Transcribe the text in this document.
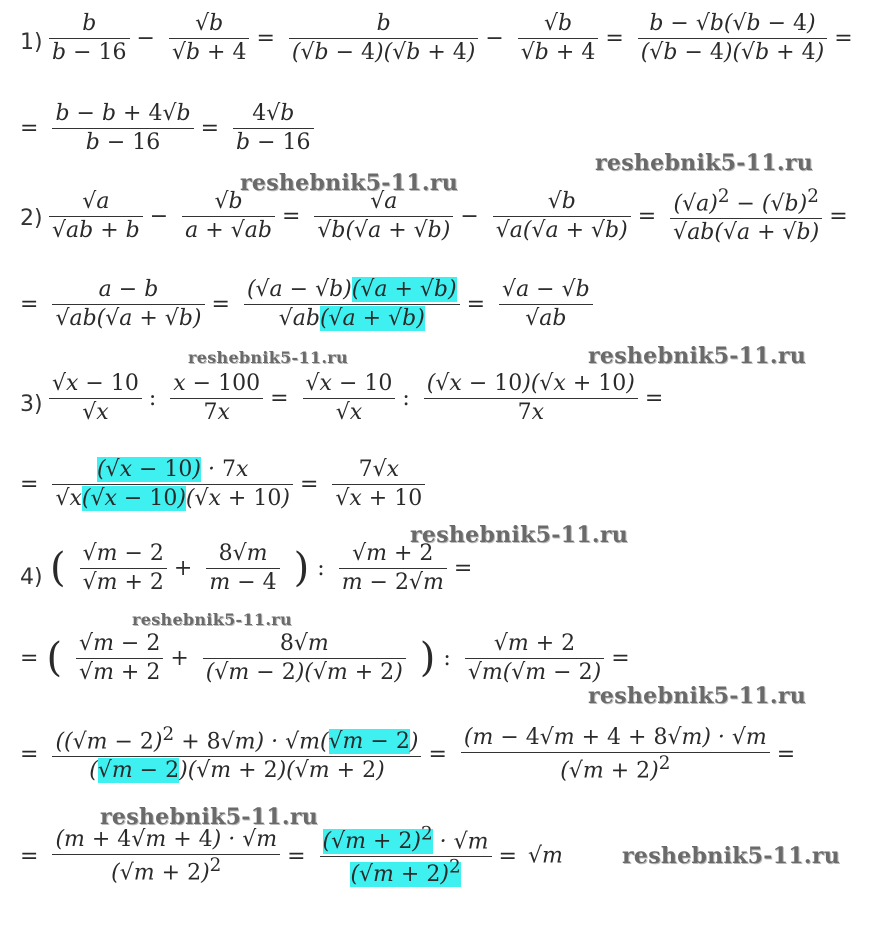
$1) \frac{b}{b - 16} - \frac{√b}{√b + 4} = \frac{b}{(√b - 4)(√b + 4)} - \frac{√b}{√b + 4} = \frac{b - √b(√b - 4)}{(√b - 4)(√b + 4)}$ =
= $\frac{b - b + 4√b}{b - 16} = \frac{4√b}{b - 16}$
$2) \frac{√a}{√ab + b} - \frac{√b}{a + √ab} = \frac{√a}{√b(√a + √b)} - \frac{√b}{√a(√a + √b)} = \frac{(√a)^2 - (√b)^2}{√ab(√a + √b)}$ =
= $\frac{a - b}{√ab(√a + √b)} = \frac{(√a - √b)(√a + √b)}{√ab(√a + √b)} = \frac{√a - √b}{√ab}$
$3) \frac{√x - 10}{√x}$ : $\frac{x - 100}{7x} = \frac{√x - 10}{√x}$ : $\frac{(√x - 10)(√x + 10)}{7x}$ =
= $\frac{(√x - 10) \cdot 7x}{√x(√x - 10)(√x + 10)} = \frac{7√x}{√x + 10}$
4) ( $\frac{√m - 2}{√m + 2} + \frac{8√m}{m - 4}$ ) : $\frac{√m + 2}{m - 2√m}$ =
= ( $\frac{√m - 2}{√m + 2} + \frac{8√m}{(√m - 2)(√m + 2)}$ ) : $\frac{√m + 2}{√m(√m - 2)}$ =
= $\frac{((√m - 2)^2 + 8√m) \cdot √m(√m - 2)}{(√m - 2)(√m + 2)(√m + 2)} = \frac{(m - 4√m + 4 + 8√m) \cdot √m}{(√m + 2)^2}$ =
= $\frac{(m + 4√m + 4) \cdot √m}{(√m + 2)^2} = \frac{(√m + 2)^2 \cdot √m}{(√m + 2)^2} = √m$
reshebnik5-11.ru
reshebnik5-11.ru
reshebnik5-11.ru	reshebnik5-11.ru
reshebnik5-11.ru
reshebnik5-11.ru
reshebnik5-11.ru
reshebnik5-11.ru
reshebnik5-11.ru
